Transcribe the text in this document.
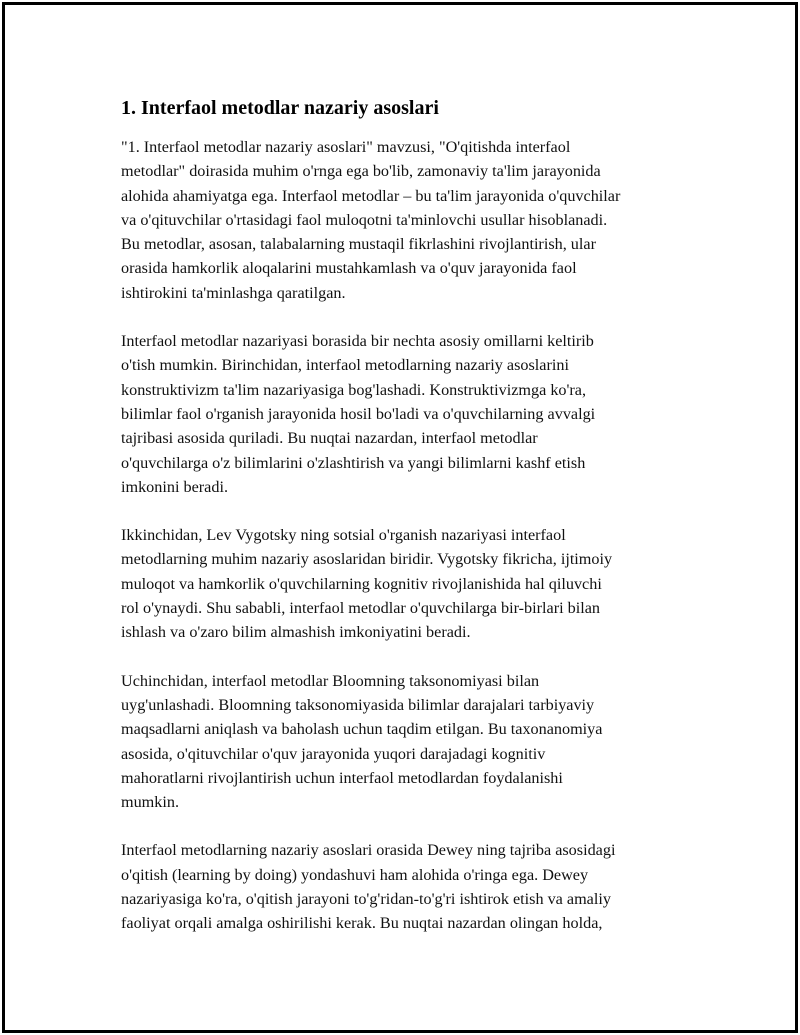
1. Interfaol metodlar nazariy asoslari

"1. Interfaol metodlar nazariy asoslari" mavzusi, "O'qitishda interfaol
metodlar" doirasida muhim o'rnga ega bo'lib, zamonaviy ta'lim jarayonida
alohida ahamiyatga ega. Interfaol metodlar – bu ta'lim jarayonida o'quvchilar
va o'qituvchilar o'rtasidagi faol muloqotni ta'minlovchi usullar hisoblanadi.
Bu metodlar, asosan, talabalarning mustaqil fikrlashini rivojlantirish, ular
orasida hamkorlik aloqalarini mustahkamlash va o'quv jarayonida faol
ishtirokini ta'minlashga qaratilgan.

Interfaol metodlar nazariyasi borasida bir nechta asosiy omillarni keltirib
o'tish mumkin. Birinchidan, interfaol metodlarning nazariy asoslarini
konstruktivizm ta'lim nazariyasiga bog'lashadi. Konstruktivizmga ko'ra,
bilimlar faol o'rganish jarayonida hosil bo'ladi va o'quvchilarning avvalgi
tajribasi asosida quriladi. Bu nuqtai nazardan, interfaol metodlar
o'quvchilarga o'z bilimlarini o'zlashtirish va yangi bilimlarni kashf etish
imkonini beradi.

Ikkinchidan, Lev Vygotsky ning sotsial o'rganish nazariyasi interfaol
metodlarning muhim nazariy asoslaridan biridir. Vygotsky fikricha, ijtimoiy
muloqot va hamkorlik o'quvchilarning kognitiv rivojlanishida hal qiluvchi
rol o'ynaydi. Shu sababli, interfaol metodlar o'quvchilarga bir-birlari bilan
ishlash va o'zaro bilim almashish imkoniyatini beradi.

Uchinchidan, interfaol metodlar Bloomning taksonomiyasi bilan
uyg'unlashadi. Bloomning taksonomiyasida bilimlar darajalari tarbiyaviy
maqsadlarni aniqlash va baholash uchun taqdim etilgan. Bu taxonanomiya
asosida, o'qituvchilar o'quv jarayonida yuqori darajadagi kognitiv
mahoratlarni rivojlantirish uchun interfaol metodlardan foydalanishi
mumkin.

Interfaol metodlarning nazariy asoslari orasida Dewey ning tajriba asosidagi
o'qitish (learning by doing) yondashuvi ham alohida o'ringa ega. Dewey
nazariyasiga ko'ra, o'qitish jarayoni to'g'ridan-to'g'ri ishtirok etish va amaliy
faoliyat orqali amalga oshirilishi kerak. Bu nuqtai nazardan olingan holda,
